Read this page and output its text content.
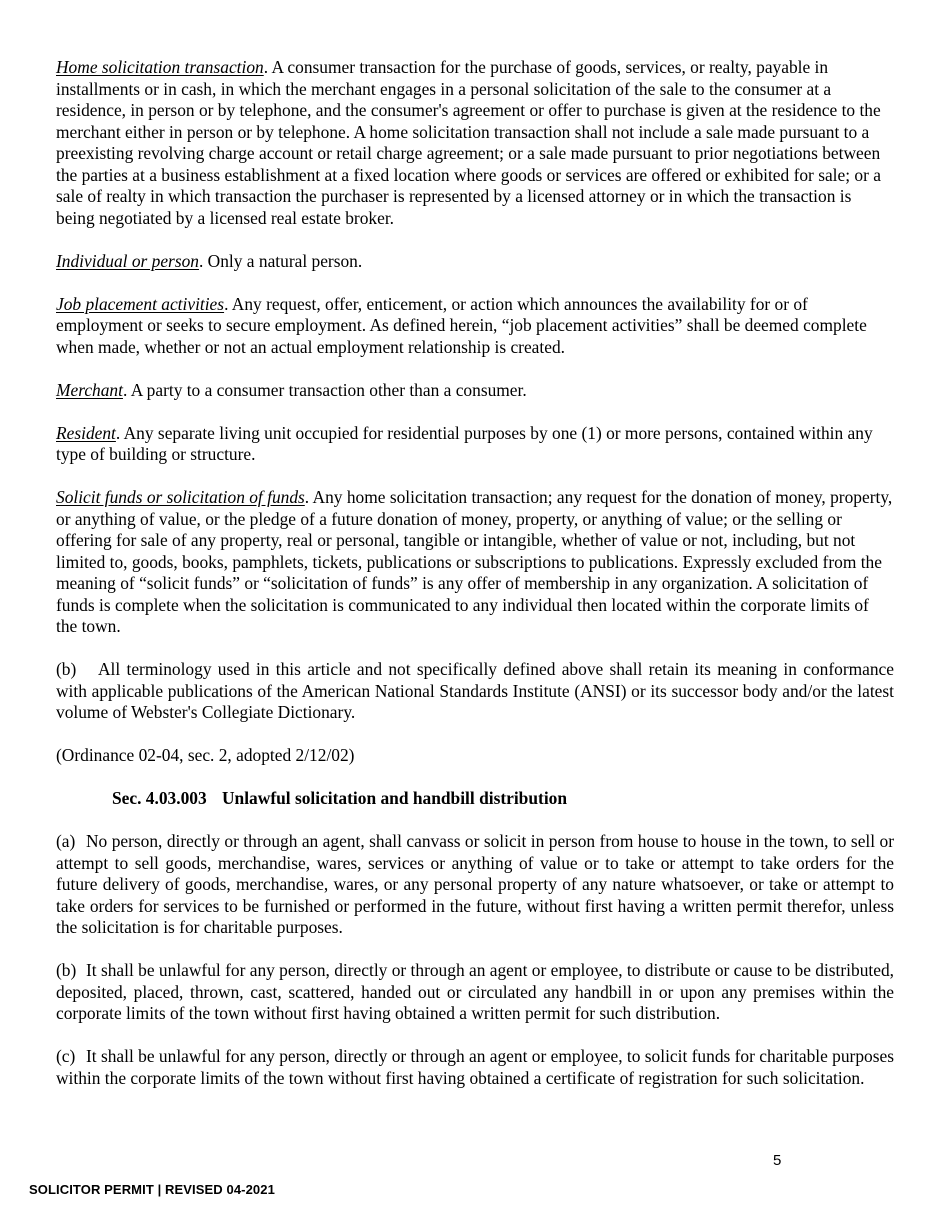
Home solicitation transaction. A consumer transaction for the purchase of goods, services, or realty, payable in installments or in cash, in which the merchant engages in a personal solicitation of the sale to the consumer at a residence, in person or by telephone, and the consumer's agreement or offer to purchase is given at the residence to the merchant either in person or by telephone. A home solicitation transaction shall not include a sale made pursuant to a preexisting revolving charge account or retail charge agreement; or a sale made pursuant to prior negotiations between the parties at a business establishment at a fixed location where goods or services are offered or exhibited for sale; or a sale of realty in which transaction the purchaser is represented by a licensed attorney or in which the transaction is being negotiated by a licensed real estate broker.

Individual or person. Only a natural person.

Job placement activities. Any request, offer, enticement, or action which announces the availability for or of employment or seeks to secure employment. As defined herein, “job placement activities” shall be deemed complete when made, whether or not an actual employment relationship is created.

Merchant. A party to a consumer transaction other than a consumer.

Resident. Any separate living unit occupied for residential purposes by one (1) or more persons, contained within any type of building or structure.

Solicit funds or solicitation of funds. Any home solicitation transaction; any request for the donation of money, property, or anything of value, or the pledge of a future donation of money, property, or anything of value; or the selling or offering for sale of any property, real or personal, tangible or intangible, whether of value or not, including, but not limited to, goods, books, pamphlets, tickets, publications or subscriptions to publications. Expressly excluded from the meaning of “solicit funds” or “solicitation of funds” is any offer of membership in any organization. A solicitation of funds is complete when the solicitation is communicated to any individual then located within the corporate limits of the town.

(b) All terminology used in this article and not specifically defined above shall retain its meaning in conformance with applicable publications of the American National Standards Institute (ANSI) or its successor body and/or the latest volume of Webster's Collegiate Dictionary.

(Ordinance 02-04, sec. 2, adopted 2/12/02)

Sec. 4.03.003 Unlawful solicitation and handbill distribution

(a) No person, directly or through an agent, shall canvass or solicit in person from house to house in the town, to sell or attempt to sell goods, merchandise, wares, services or anything of value or to take or attempt to take orders for the future delivery of goods, merchandise, wares, or any personal property of any nature whatsoever, or take or attempt to take orders for services to be furnished or performed in the future, without first having a written permit therefor, unless the solicitation is for charitable purposes.

(b) It shall be unlawful for any person, directly or through an agent or employee, to distribute or cause to be distributed, deposited, placed, thrown, cast, scattered, handed out or circulated any handbill in or upon any premises within the corporate limits of the town without first having obtained a written permit for such distribution.

(c) It shall be unlawful for any person, directly or through an agent or employee, to solicit funds for charitable purposes within the corporate limits of the town without first having obtained a certificate of registration for such solicitation.

5
SOLICITOR PERMIT | REVISED 04-2021
